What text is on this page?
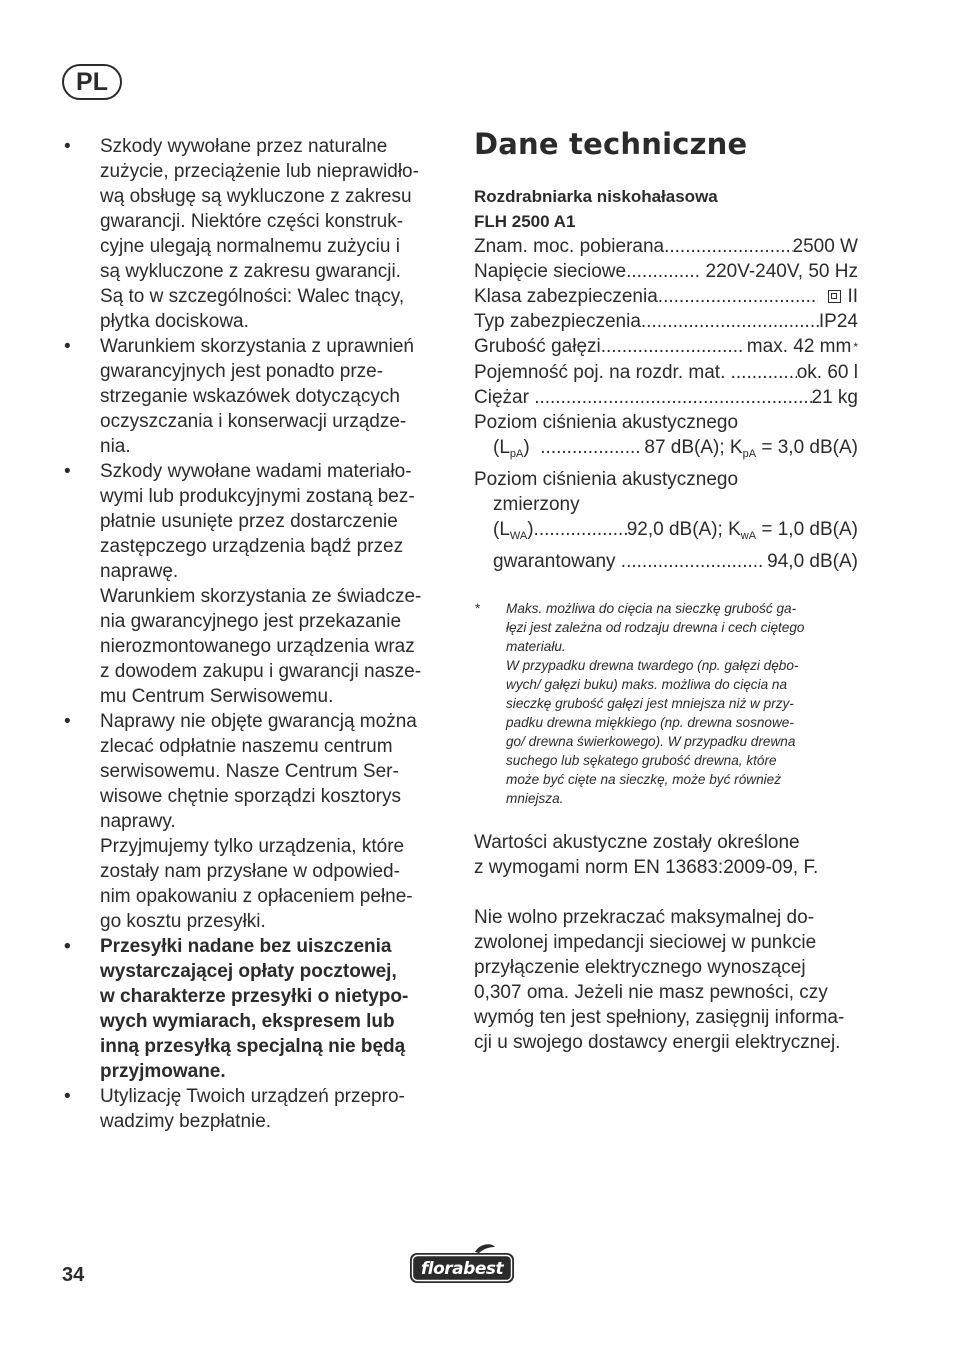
PL
• Szkody wywołane przez naturalne
zużycie, przeciążenie lub nieprawidło-
wą obsługę są wykluczone z zakresu
gwarancji. Niektóre części konstruk-
cyjne ulegają normalnemu zużyciu i
są wykluczone z zakresu gwarancji.
Są to w szczególności: Walec tnący,
płytka dociskowa.
• Warunkiem skorzystania z uprawnień
gwarancyjnych jest ponadto prze-
strzeganie wskazówek dotyczących
oczyszczania i konserwacji urządze-
nia.
• Szkody wywołane wadami materiało-
wymi lub produkcyjnymi zostaną bez-
płatnie usunięte przez dostarczenie
zastępczego urządzenia bądź przez
naprawę.
Warunkiem skorzystania ze świadcze-
nia gwarancyjnego jest przekazanie
nierozmontowanego urządzenia wraz
z dowodem zakupu i gwarancji nasze-
mu Centrum Serwisowemu.
• Naprawy nie objęte gwarancją można
zlecać odpłatnie naszemu centrum
serwisowemu. Nasze Centrum Ser-
wisowe chętnie sporządzi kosztorys
naprawy.
Przyjmujemy tylko urządzenia, które
zostały nam przysłane w odpowied-
nim opakowaniu z opłaceniem pełne-
go kosztu przesyłki.
• Przesyłki nadane bez uiszczenia
wystarczającej opłaty pocztowej,
w charakterze przesyłki o nietypo-
wych wymiarach, ekspresem lub
inną przesyłką specjalną nie będą
przyjmowane.
• Utylizację Twoich urządzeń przepro-
wadzimy bezpłatnie.
Dane techniczne
Rozdrabniarka niskohałasowa
FLH 2500 A1
Znam. moc. pobierana .....	2500 W
Napięcie sieciowe .....	220V-240V, 50 Hz
Klasa zabezpieczenia .....	II
Typ zabezpieczenia .....	IP24
Grubość gałęzi .....	max. 42 mm *
Pojemność poj. na rozdr. mat. .....	ok. 60 l
Ciężar .....	21 kg
Poziom ciśnienia akustycznego
$(L_{pA})$ .....	87 dB(A); $K_{pA} = 3,0$ dB(A)
Poziom ciśnienia akustycznego
zmierzony
$(L_{WA})$ .....	92,0 dB(A); $K_{wA} = 1,0$ dB(A)
gwarantowany .....	94,0 dB(A)
* Maks. możliwa do cięcia na sieczkę grubość ga-
łęzi jest zależna od rodzaju drewna i cech ciętego
materiału.
W przypadku drewna twardego (np. gałęzi dębo-
wych/ gałęzi buku) maks. możliwa do cięcia na
sieczkę grubość gałęzi jest mniejsza niż w przy-
padku drewna miękkiego (np. drewna sosnowe-
go/ drewna świerkowego). W przypadku drewna
suchego lub sękatego grubość drewna, które
może być cięte na sieczkę, może być również
mniejsza.
Wartości akustyczne zostały określone
z wymogami norm EN 13683:2009-09, F.
Nie wolno przekraczać maksymalnej do-
zwolonej impedancji sieciowej w punkcie
przyłączenie elektrycznego wynoszącej
0,307 oma. Jeżeli nie masz pewności, czy
wymóg ten jest spełniony, zasięgnij informa-
cji u swojego dostawcy energii elektrycznej.
34	florabest
